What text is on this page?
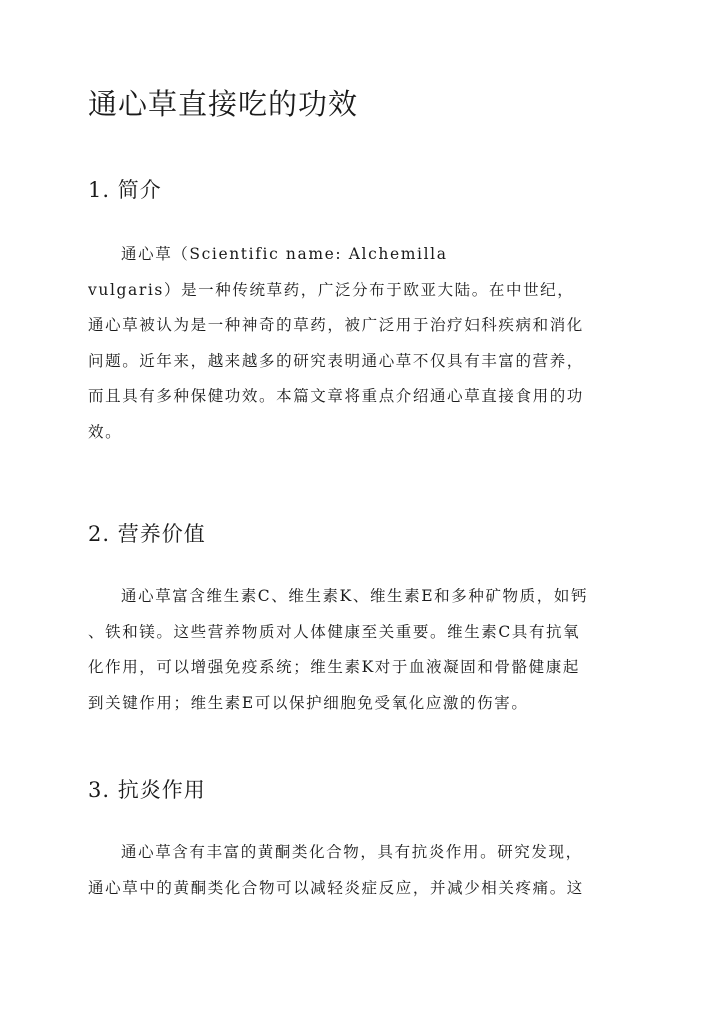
通心草直接吃的功效
1. 简介
通心草（Scientific name: Alchemilla
vulgaris）是一种传统草药，广泛分布于欧亚大陆。在中世纪，
通心草被认为是一种神奇的草药，被广泛用于治疗妇科疾病和消化
问题。近年来，越来越多的研究表明通心草不仅具有丰富的营养，
而且具有多种保健功效。本篇文章将重点介绍通心草直接食用的功
效。
2. 营养价值
通心草富含维生素C、维生素K、维生素E和多种矿物质，如钙
、铁和镁。这些营养物质对人体健康至关重要。维生素C具有抗氧
化作用，可以增强免疫系统；维生素K对于血液凝固和骨骼健康起
到关键作用；维生素E可以保护细胞免受氧化应激的伤害。
3. 抗炎作用
通心草含有丰富的黄酮类化合物，具有抗炎作用。研究发现，
通心草中的黄酮类化合物可以减轻炎症反应，并减少相关疼痛。这
